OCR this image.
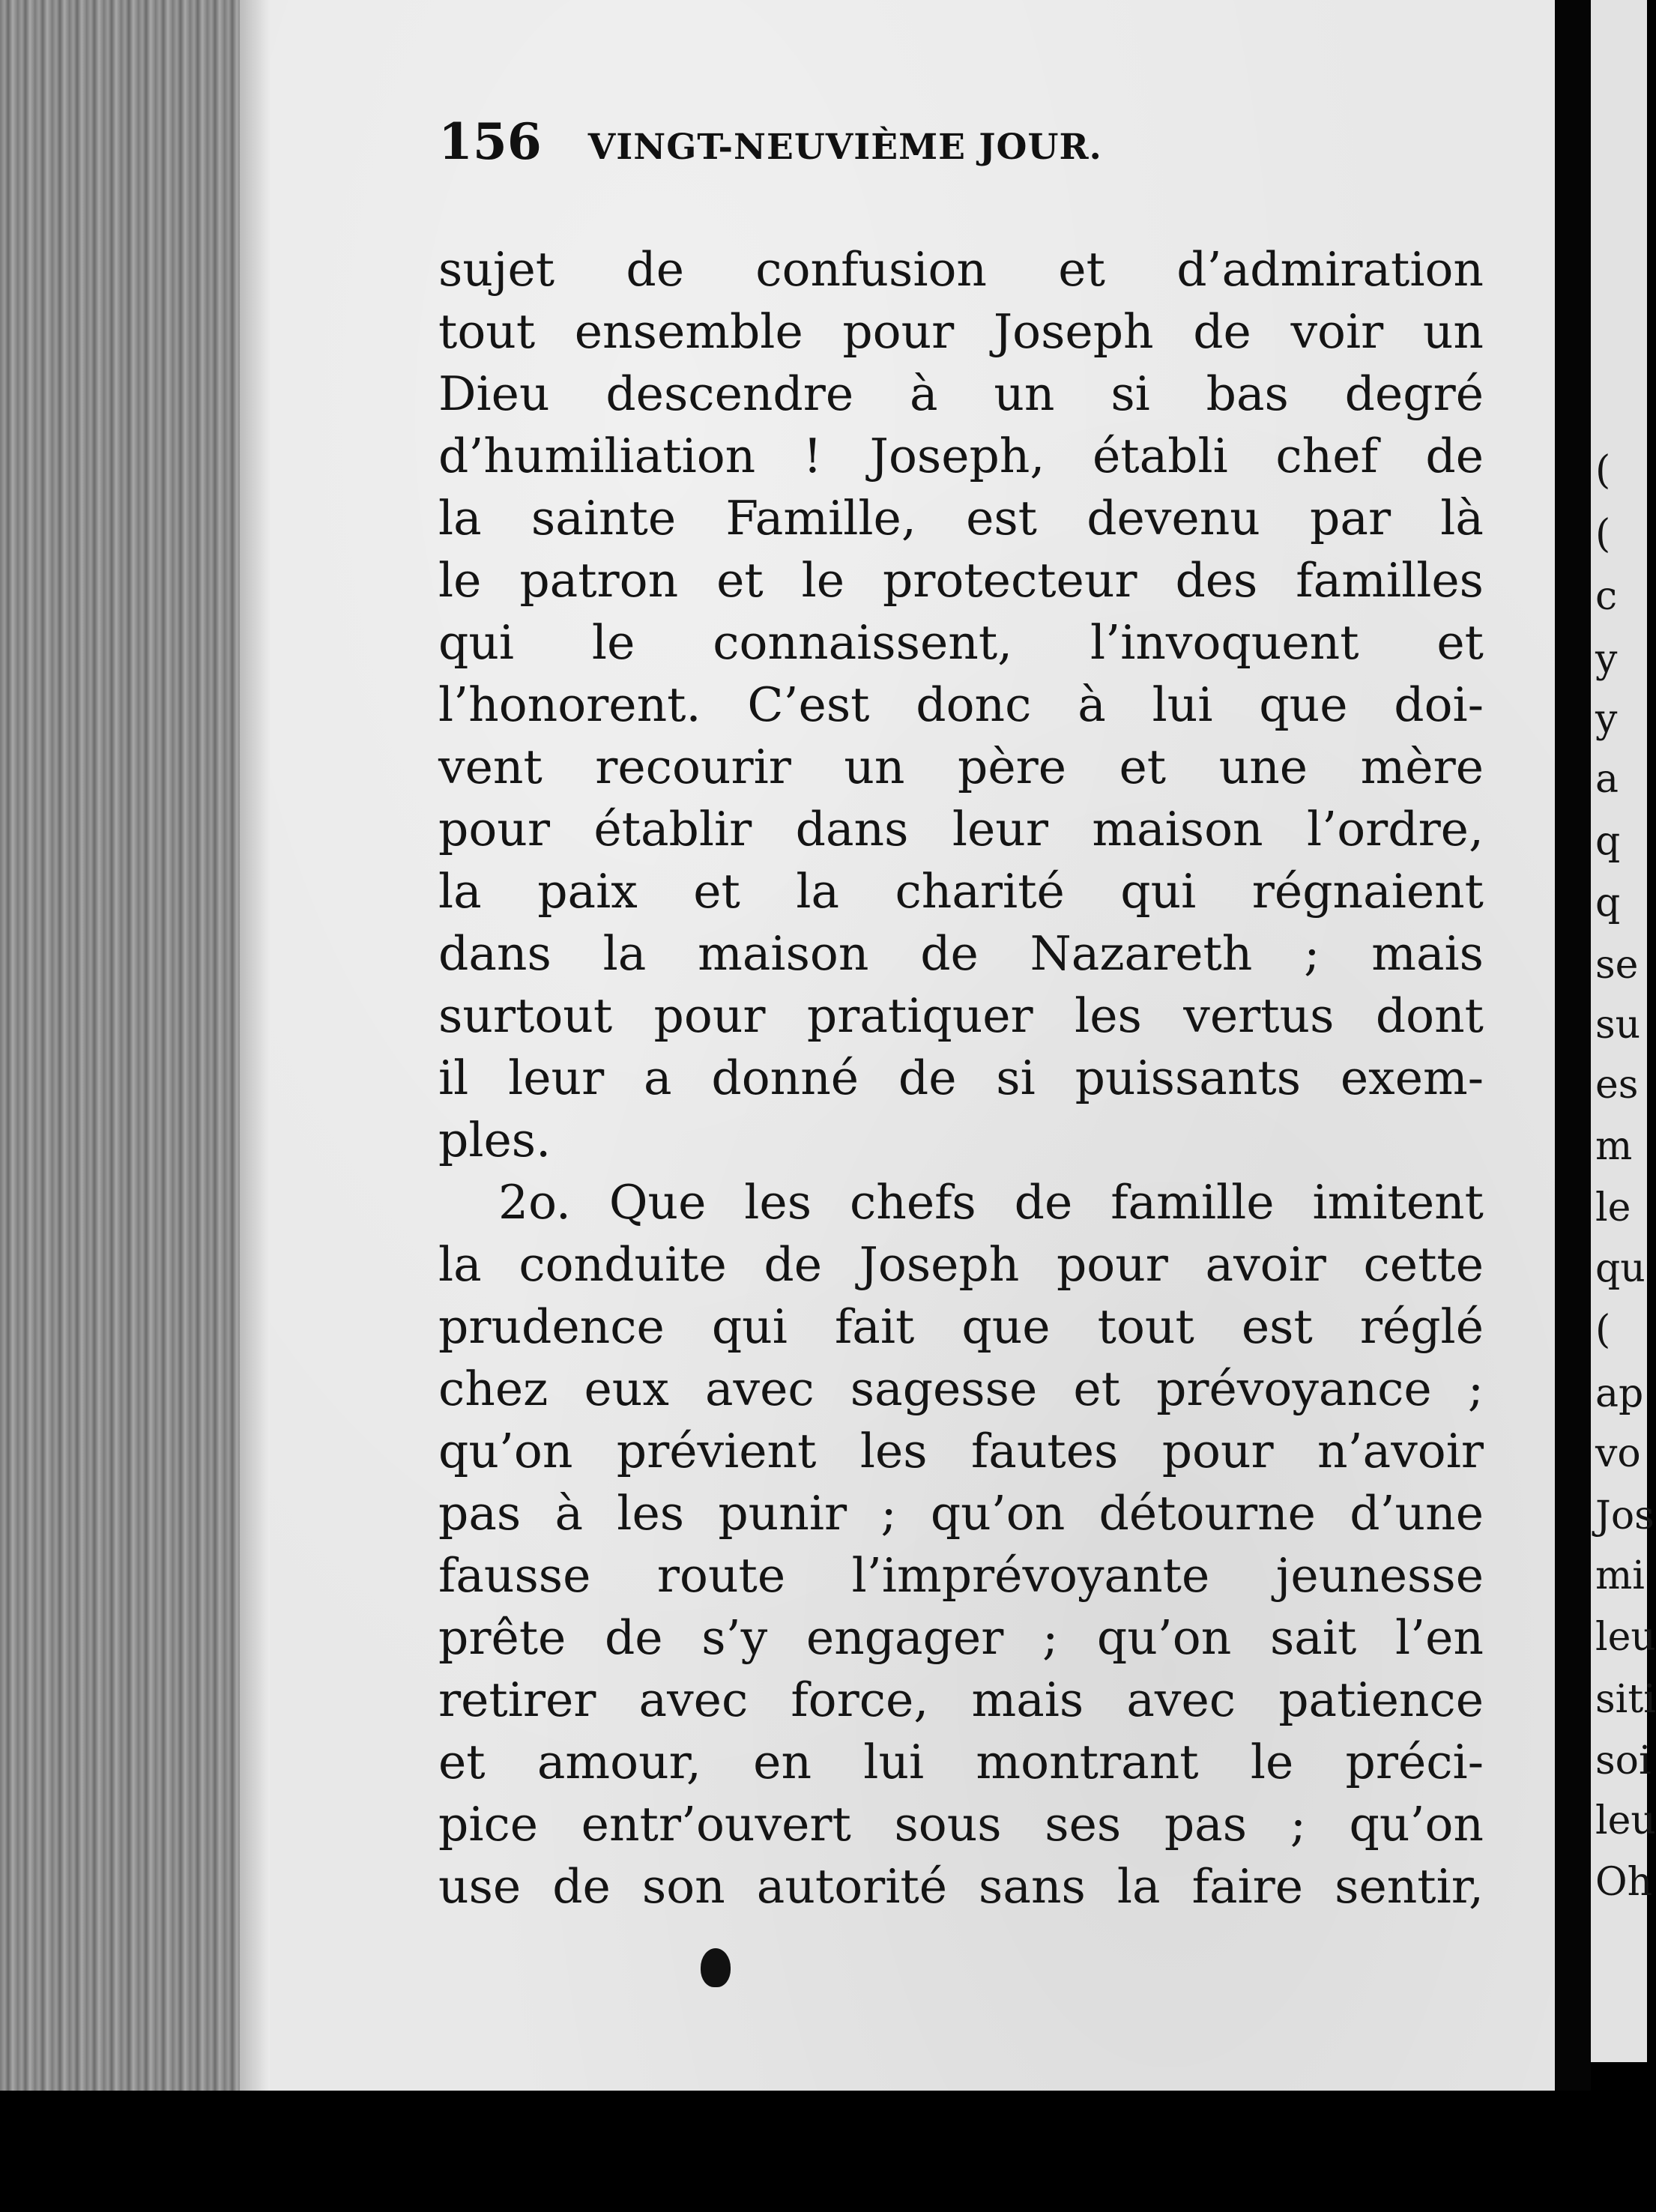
156 VINGT-NEUVIÈME JOUR.
sujet de confusion et d’admiration
tout ensemble pour Joseph de voir un
Dieu descendre à un si bas degré
d’humiliation ! Joseph, établi chef de
la sainte Famille, est devenu par là
le patron et le protecteur des familles
qui le connaissent, l’invoquent et
l’honorent. C’est donc à lui que doi-
vent recourir un père et une mère
pour établir dans leur maison l’ordre,
la paix et la charité qui régnaient
dans la maison de Nazareth ; mais
surtout pour pratiquer les vertus dont
il leur a donné de si puissants exem-
ples.
2o. Que les chefs de famille imitent
la conduite de Joseph pour avoir cette
prudence qui fait que tout est réglé
chez eux avec sagesse et prévoyance ;
qu’on prévient les fautes pour n’avoir
pas à les punir ; qu’on détourne d’une
fausse route l’imprévoyante jeunesse
prête de s’y engager ; qu’on sait l’en
retirer avec force, mais avec patience
et amour, en lui montrant le préci-
pice entr’ouvert sous ses pas ; qu’on
use de son autorité sans la faire sentir,
(
(
c
y
y
a
q
q
se
su
es
m
le
qu
(
ap
vo
Jos
mi
leu
siti
soi
leu
Oh
